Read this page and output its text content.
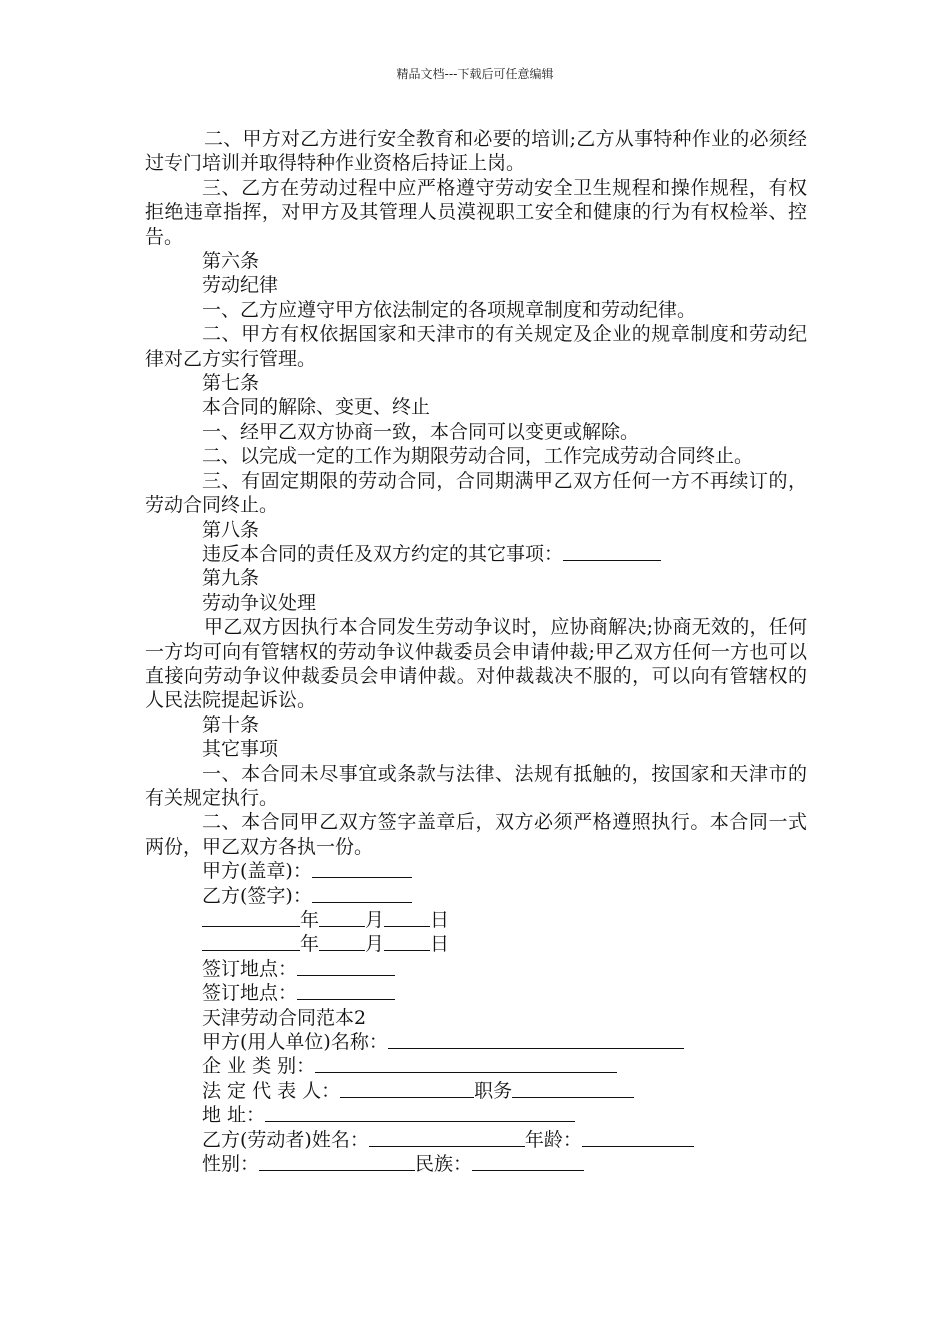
精品文档---下载后可任意编辑

二、甲方对乙方进行安全教育和必要的培训;乙方从事特种作业的必须经过专门培训并取得特种作业资格后持证上岗。

三、乙方在劳动过程中应严格遵守劳动安全卫生规程和操作规程，有权拒绝违章指挥，对甲方及其管理人员漠视职工安全和健康的行为有权检举、控告。

第六条

劳动纪律

一、乙方应遵守甲方依法制定的各项规章制度和劳动纪律。

二、甲方有权依据国家和天津市的有关规定及企业的规章制度和劳动纪律对乙方实行管理。

第七条

本合同的解除、变更、终止

一、经甲乙双方协商一致，本合同可以变更或解除。

二、以完成一定的工作为期限劳动合同，工作完成劳动合同终止。

三、有固定期限的劳动合同，合同期满甲乙双方任何一方不再续订的，劳动合同终止。

第八条

违反本合同的责任及双方约定的其它事项：

第九条

劳动争议处理

甲乙双方因执行本合同发生劳动争议时，应协商解决;协商无效的，任何一方均可向有管辖权的劳动争议仲裁委员会申请仲裁;甲乙双方任何一方也可以直接向劳动争议仲裁委员会申请仲裁。对仲裁裁决不服的，可以向有管辖权的人民法院提起诉讼。

第十条

其它事项

一、本合同未尽事宜或条款与法律、法规有抵触的，按国家和天津市的有关规定执行。

二、本合同甲乙双方签字盖章后，双方必须严格遵照执行。本合同一式两份，甲乙双方各执一份。

甲方(盖章)：

乙方(签字)：

年 月 日

年 月 日

签订地点：

签订地点：

天津劳动合同范本2

甲方(用人单位)名称：

企 业 类 别：

法 定 代 表 人：	职务

地 址：

乙方(劳动者)姓名：	年龄：

性别：	民族：
